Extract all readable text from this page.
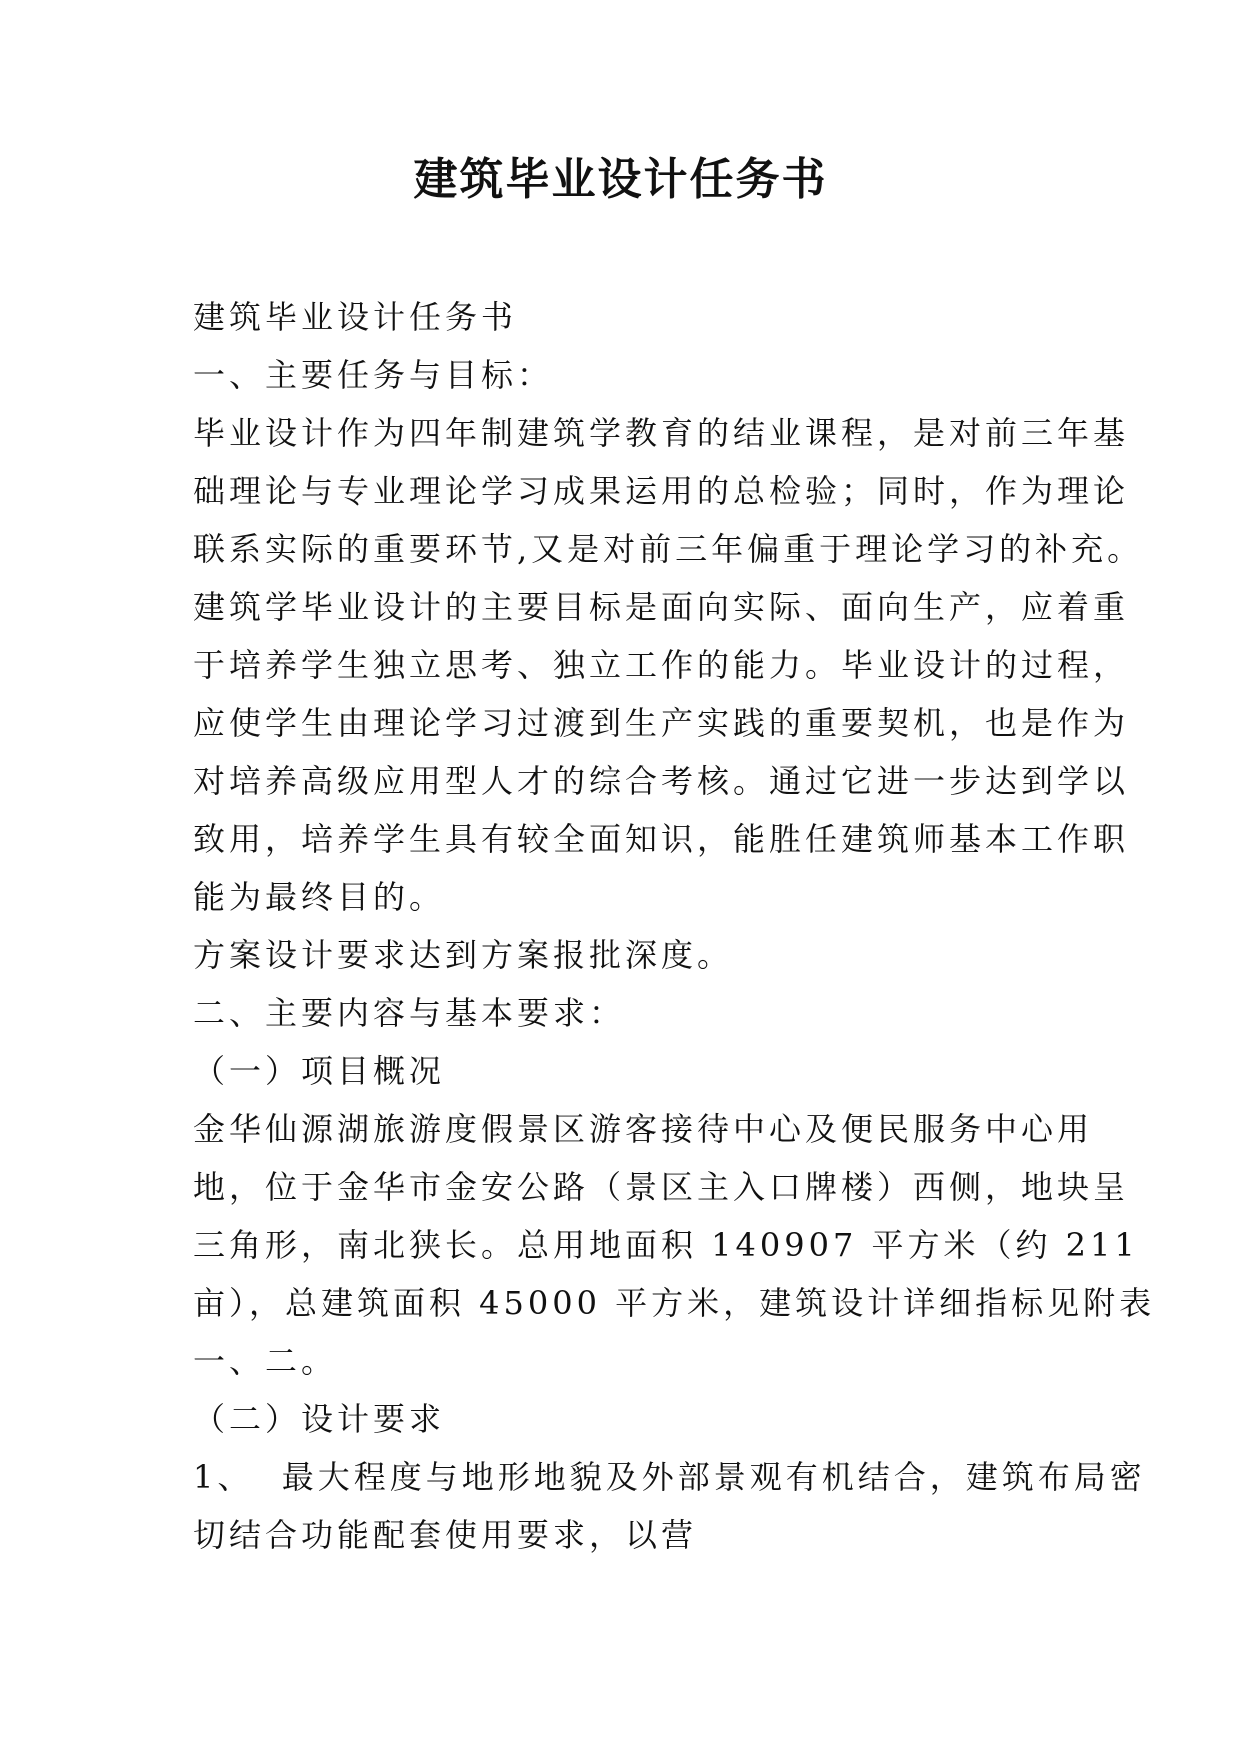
建筑毕业设计任务书

建筑毕业设计任务书

一、主要任务与目标：

毕业设计作为四年制建筑学教育的结业课程，是对前三年基

础理论与专业理论学习成果运用的总检验；同时，作为理论

联系实际的重要环节,又是对前三年偏重于理论学习的补充。

建筑学毕业设计的主要目标是面向实际、面向生产，应着重

于培养学生独立思考、独立工作的能力。毕业设计的过程，

应使学生由理论学习过渡到生产实践的重要契机，也是作为

对培养高级应用型人才的综合考核。通过它进一步达到学以

致用，培养学生具有较全面知识，能胜任建筑师基本工作职

能为最终目的。

方案设计要求达到方案报批深度。

二、主要内容与基本要求：

（一）项目概况

金华仙源湖旅游度假景区游客接待中心及便民服务中心用

地，位于金华市金安公路（景区主入口牌楼）西侧，地块呈

三角形，南北狭长。总用地面积 140907 平方米（约 211

亩），总建筑面积 45000 平方米，建筑设计详细指标见附表

一、二。

（二）设计要求

1、  最大程度与地形地貌及外部景观有机结合，建筑布局密

切结合功能配套使用要求，以营
